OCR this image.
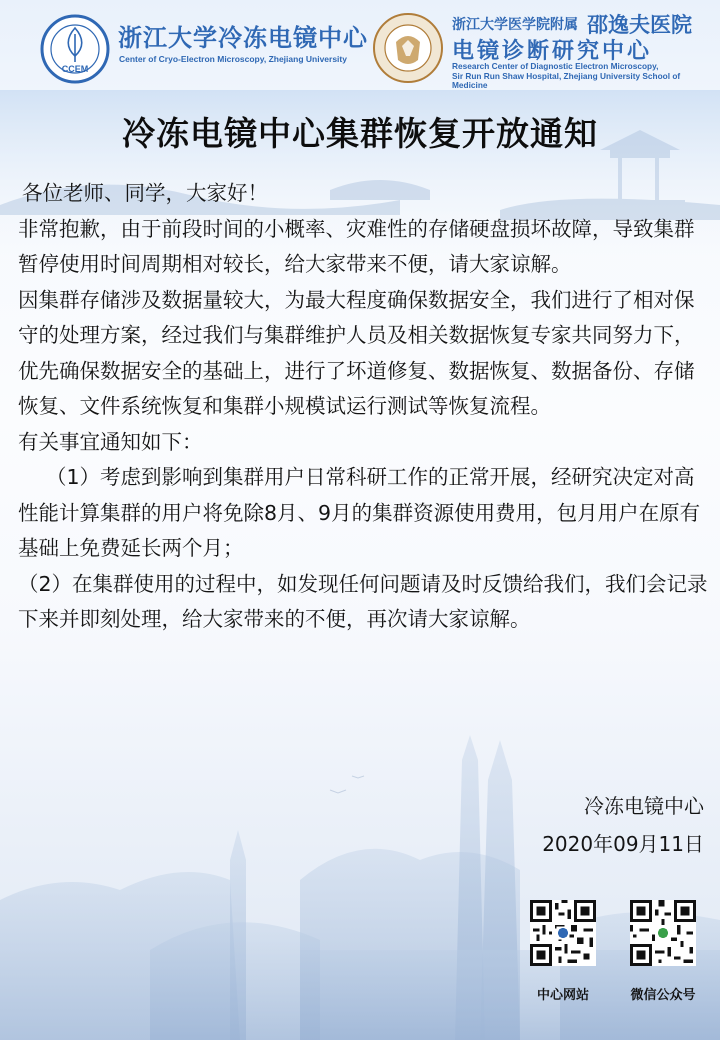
CCEM
浙江大学冷冻电镜中心
Center of Cryo-Electron Microscopy, Zhejiang University
浙江大学医学院附属 邵逸夫医院
电镜诊断研究中心
Research Center of Diagnostic Electron Microscopy,
Sir Run Run Shaw Hospital, Zhejiang University School of Medicine
冷冻电镜中心集群恢复开放通知

各位老师、同学，大家好！

非常抱歉，由于前段时间的小概率、灾难性的存储硬盘损坏故障，导致集群暂停使用时间周期相对较长，给大家带来不便，请大家谅解。

因集群存储涉及数据量较大，为最大程度确保数据安全，我们进行了相对保守的处理方案，经过我们与集群维护人员及相关数据恢复专家共同努力下，优先确保数据安全的基础上，进行了坏道修复、数据恢复、数据备份、存储恢复、文件系统恢复和集群小规模试运行测试等恢复流程。

有关事宜通知如下：

（1）考虑到影响到集群用户日常科研工作的正常开展，经研究决定对高性能计算集群的用户将免除8月、9月的集群资源使用费用，包月用户在原有基础上免费延长两个月；

（2）在集群使用的过程中，如发现任何问题请及时反馈给我们，我们会记录下来并即刻处理，给大家带来的不便，再次请大家谅解。

冷冻电镜中心
2020年09月11日
中心网站	微信公众号
